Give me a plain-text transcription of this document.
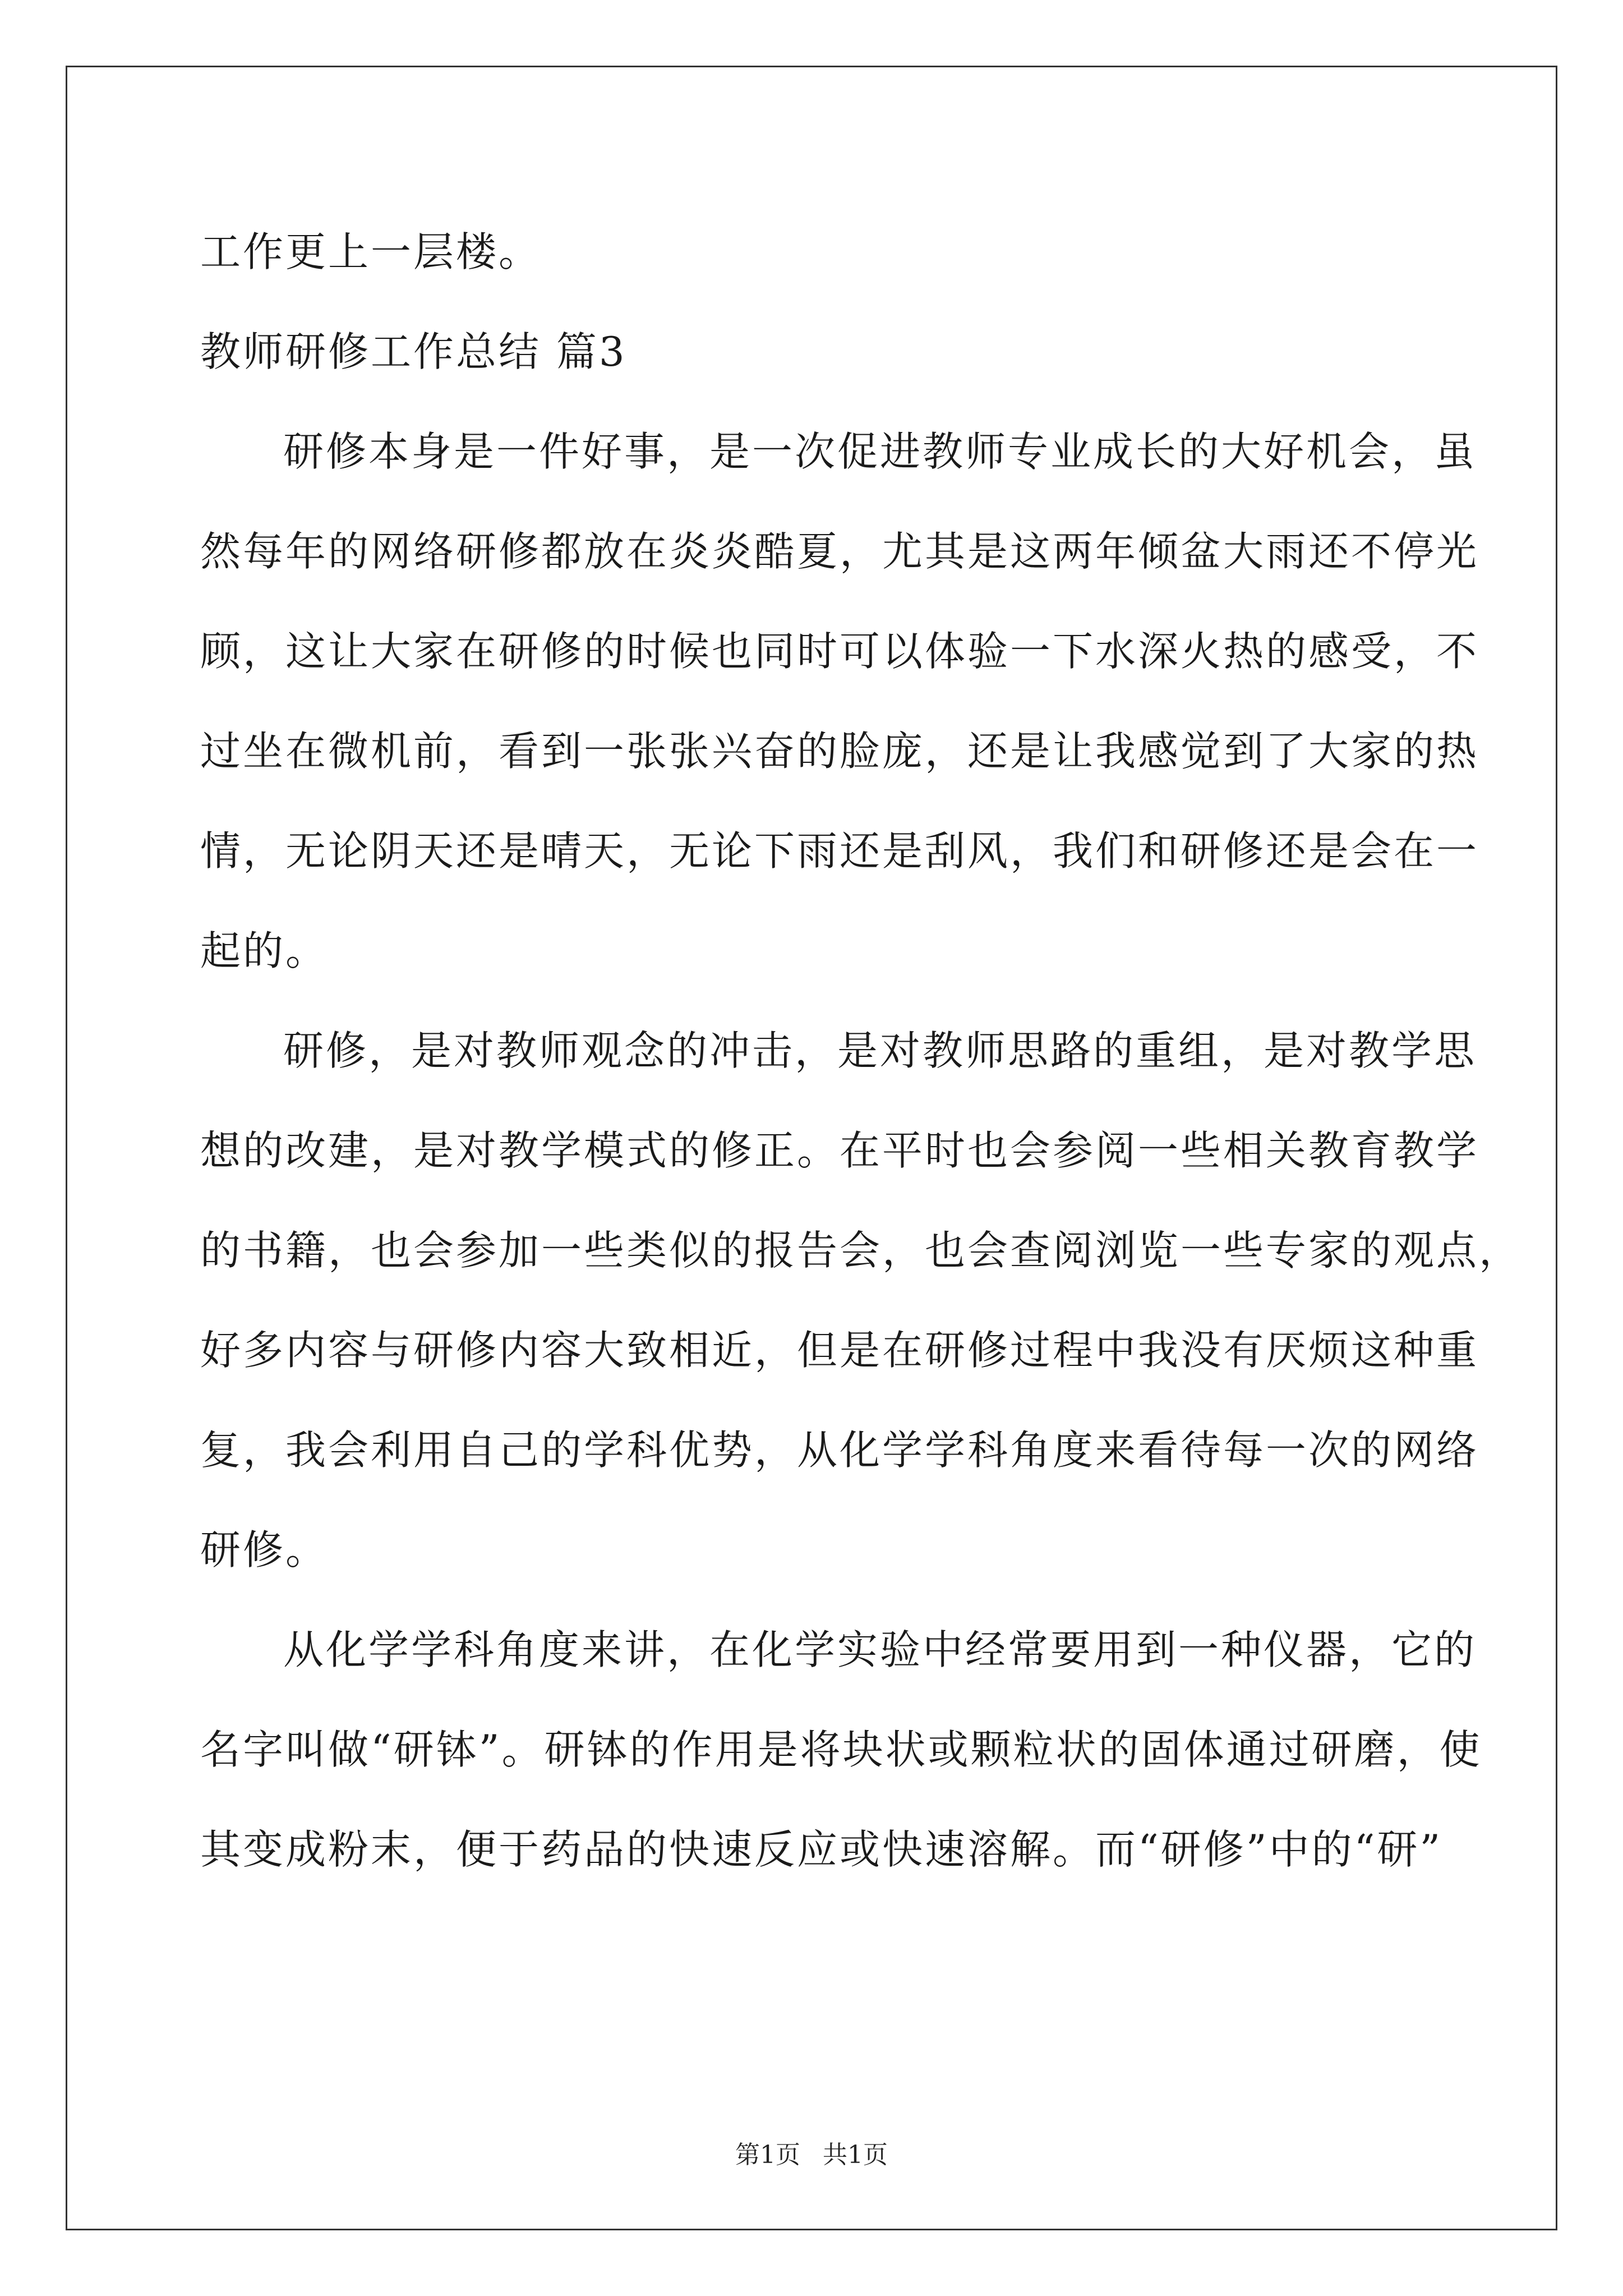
工作更上一层楼。
教师研修工作总结 篇3
研修本身是一件好事，是一次促进教师专业成长的大好机会，虽
然每年的网络研修都放在炎炎酷夏，尤其是这两年倾盆大雨还不停光
顾，这让大家在研修的时候也同时可以体验一下水深火热的感受，不
过坐在微机前，看到一张张兴奋的脸庞，还是让我感觉到了大家的热
情，无论阴天还是晴天，无论下雨还是刮风，我们和研修还是会在一
起的。
研修，是对教师观念的冲击，是对教师思路的重组，是对教学思
想的改建，是对教学模式的修正。在平时也会参阅一些相关教育教学
的书籍，也会参加一些类似的报告会，也会查阅浏览一些专家的观点，
好多内容与研修内容大致相近，但是在研修过程中我没有厌烦这种重
复，我会利用自己的学科优势，从化学学科角度来看待每一次的网络
研修。
从化学学科角度来讲，在化学实验中经常要用到一种仪器，它的
名字叫做“研钵”。研钵的作用是将块状或颗粒状的固体通过研磨，使
其变成粉末，便于药品的快速反应或快速溶解。而“研修”中的“研”
第1页 共1页
